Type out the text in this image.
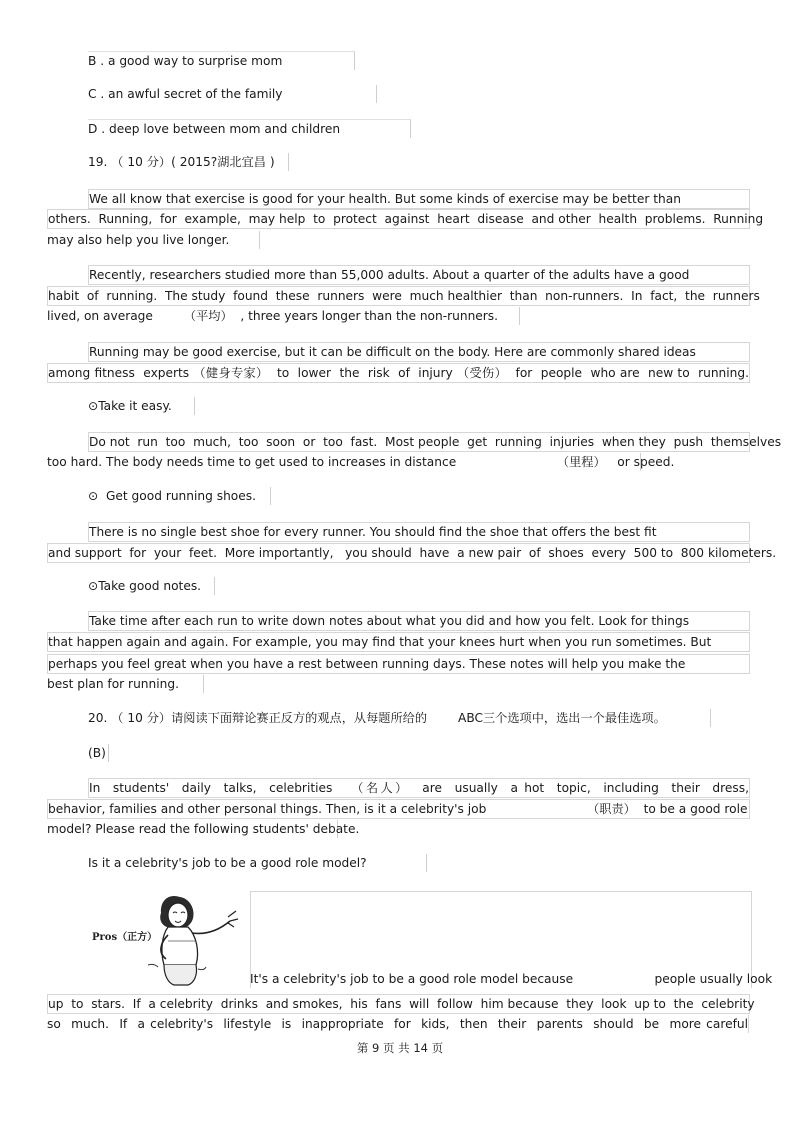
B . a good way to surprise mom
C . an awful secret of the family
D . deep love between mom and children
19. （ 10 分）( 2015?湖北宜昌 )
We all know that exercise is good for your health. But some kinds of exercise may be better than
others.  Running,  for  example,  may help  to  protect  against  heart  disease  and other  health  problems.  Running
may also help you live longer.
Recently, researchers studied more than 55,000 adults. About a quarter of the adults have a good
habit  of  running.  The study  found  these  runners  were  much healthier  than  non-runners.  In  fact,  the  runners
lived, on average        （平均）  , three years longer than the non-runners.
Running may be good exercise, but it can be difficult on the body. Here are commonly shared ideas
among fitness  experts （健身专家）  to  lower  the  risk  of  injury （受伤）  for  people  who are  new to  running.
⊙Take it easy.
Do not  run  too  much,  too  soon  or  too  fast.  Most people  get  running  injuries  when they  push  themselves
too hard. The body needs time to get used to increases in distance                          （里程）   or speed.
⊙  Get good running shoes.
There is no single best shoe for every runner. You should find the shoe that offers the best fit
and support  for  your  feet.  More importantly,   you should  have  a new pair  of  shoes  every  500 to  800 kilometers.
⊙Take good notes.
Take time after each run to write down notes about what you did and how you felt. Look for things
that happen again and again. For example, you may find that your knees hurt when you run sometimes. But
perhaps you feel great when you have a rest between running days. These notes will help you make the
best plan for running.
20. （ 10 分）请阅读下面辩论赛正反方的观点，从每题所给的        ABC三个选项中，选出一个最佳选项。
(B)
In  students'  daily  talks,  celebrities   （名人）  are  usually  a hot  topic,  including  their  dress,
behavior, families and other personal things. Then, is it a celebrity's job                          （职责）  to be a good role
model? Please read the following students' debate.
Is it a celebrity's job to be a good role model?
Pros（正方）
It's a celebrity's job to be a good role model because                     people usually look
up  to  stars.  If  a celebrity  drinks  and smokes,  his  fans  will  follow  him because  they  look  up to  the  celebrity
so  much.  If  a celebrity's  lifestyle  is  inappropriate  for  kids,  then  their  parents  should  be  more careful
第 9 页 共 14 页
